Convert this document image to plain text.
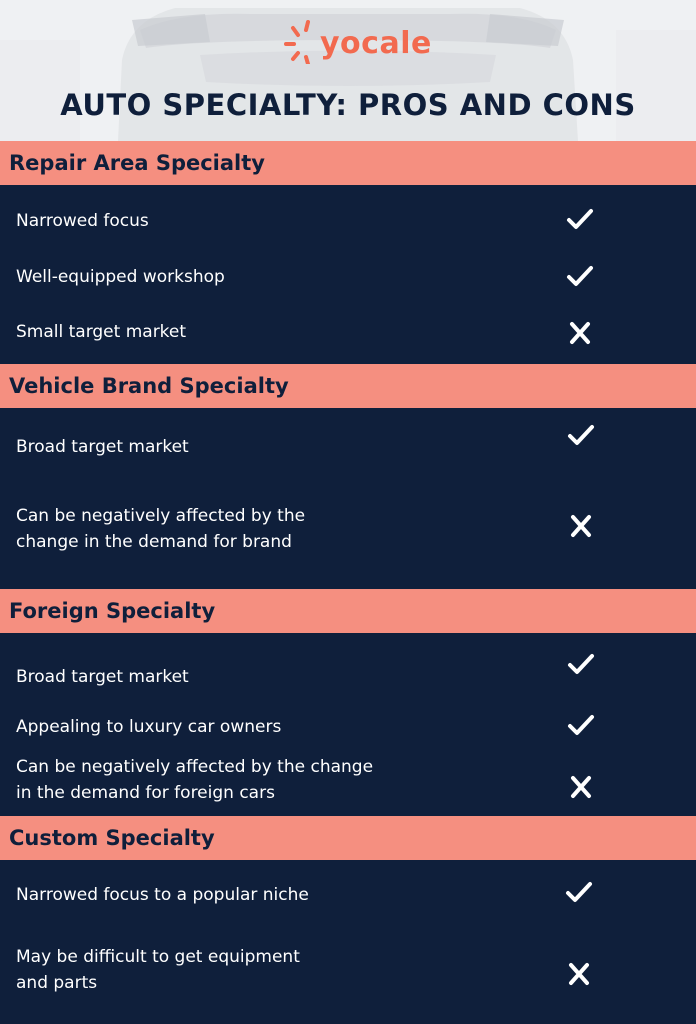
yocale
AUTO SPECIALTY: PROS AND CONS
Repair Area Specialty
Narrowed focus
Well-equipped workshop
Small target market
Vehicle Brand Specialty
Broad target market
Can be negatively affected by the
change in the demand for brand
Foreign Specialty
Broad target market
Appealing to luxury car owners
Can be negatively affected by the change
in the demand for foreign cars
Custom Specialty
Narrowed focus to a popular niche
May be difficult to get equipment
and parts
